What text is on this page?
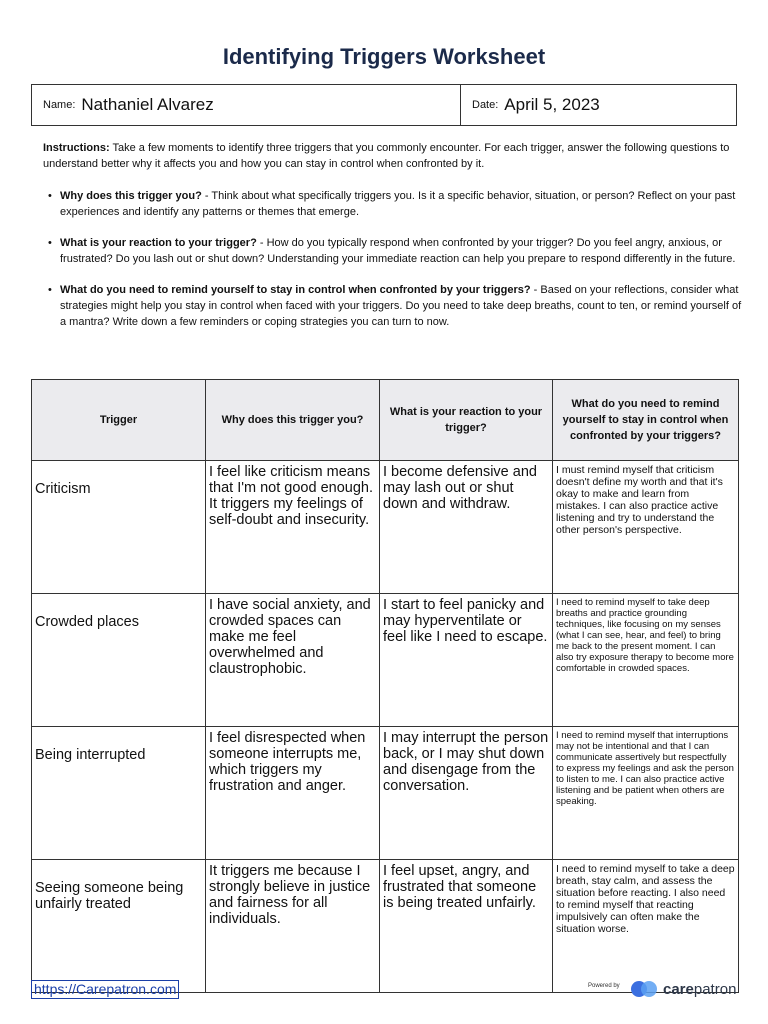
Identifying Triggers Worksheet
Name: Nathaniel Alvarez	Date: April 5, 2023
Instructions: Take a few moments to identify three triggers that you commonly encounter. For each trigger, answer the following questions to understand better why it affects you and how you can stay in control when confronted by it.
• Why does this trigger you? - Think about what specifically triggers you. Is it a specific behavior, situation, or person? Reflect on your past experiences and identify any patterns or themes that emerge.
• What is your reaction to your trigger? - How do you typically respond when confronted by your trigger? Do you feel angry, anxious, or frustrated? Do you lash out or shut down? Understanding your immediate reaction can help you prepare to respond differently in the future.
• What do you need to remind yourself to stay in control when confronted by your triggers? - Based on your reflections, consider what strategies might help you stay in control when faced with your triggers. Do you need to take deep breaths, count to ten, or remind yourself of a mantra? Write down a few reminders or coping strategies you can turn to now.
Trigger	Why does this trigger you?	What is your reaction to your trigger?	What do you need to remind yourself to stay in control when confronted by your triggers?
Criticism	I feel like criticism means that I'm not good enough. It triggers my feelings of self-doubt and insecurity.	I become defensive and may lash out or shut down and withdraw.	I must remind myself that criticism doesn't define my worth and that it's okay to make and learn from mistakes. I can also practice active listening and try to understand the other person's perspective.
Crowded places	I have social anxiety, and crowded spaces can make me feel overwhelmed and claustrophobic.	I start to feel panicky and may hyperventilate or feel like I need to escape.	I need to remind myself to take deep breaths and practice grounding techniques, like focusing on my senses (what I can see, hear, and feel) to bring me back to the present moment. I can also try exposure therapy to become more comfortable in crowded spaces.
Being interrupted	I feel disrespected when someone interrupts me, which triggers my frustration and anger.	I may interrupt the person back, or I may shut down and disengage from the conversation.	I need to remind myself that interruptions may not be intentional and that I can communicate assertively but respectfully to express my feelings and ask the person to listen to me. I can also practice active listening and be patient when others are speaking.
Seeing someone being unfairly treated	It triggers me because I strongly believe in justice and fairness for all individuals.	I feel upset, angry, and frustrated that someone is being treated unfairly.	I need to remind myself to take a deep breath, stay calm, and assess the situation before reacting. I also need to remind myself that reacting impulsively can often make the situation worse.
https://Carepatron.com	Powered by	carepatron
